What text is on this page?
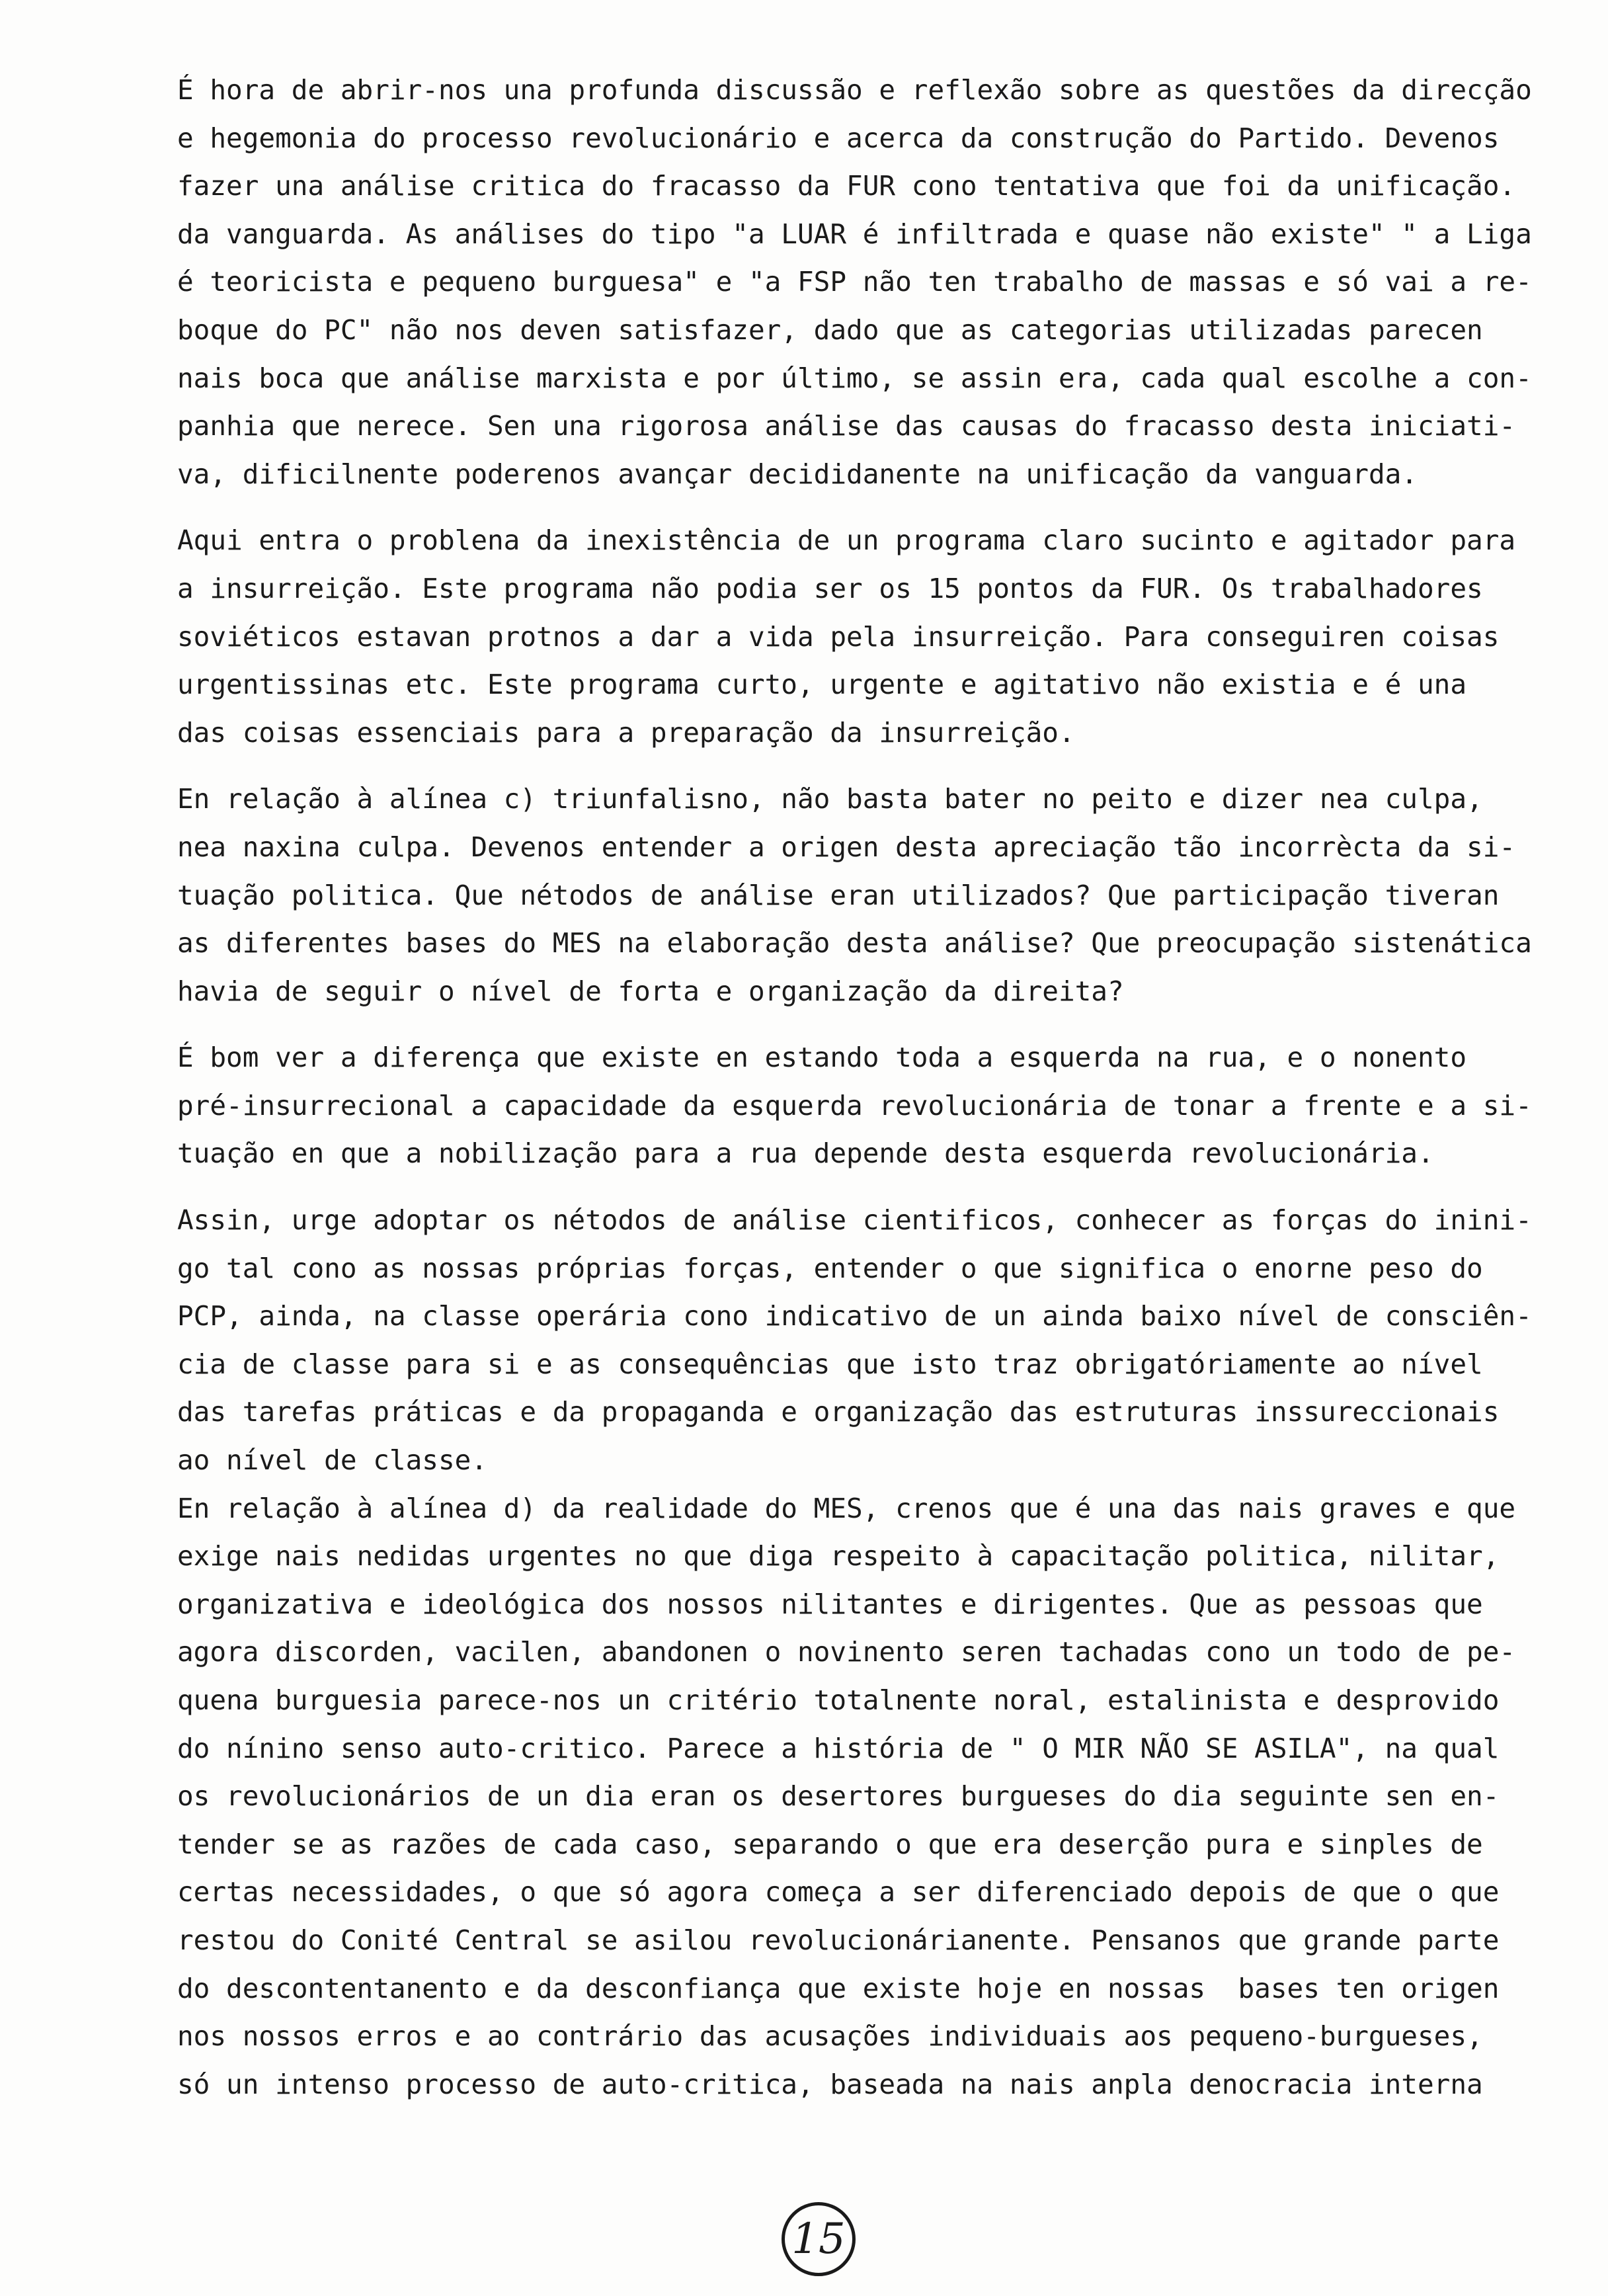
É hora de abrir-nos una profunda discussão e reflexão sobre as questões da direcção
e hegemonia do processo revolucionário e acerca da construção do Partido. Devenos
fazer una análise critica do fracasso da FUR cono tentativa que foi da unificação.
da vanguarda. As análises do tipo "a LUAR é infiltrada e quase não existe" " a Liga
é teoricista e pequeno burguesa" e "a FSP não ten trabalho de massas e só vai a re-
boque do PC" não nos deven satisfazer, dado que as categorias utilizadas parecen
nais boca que análise marxista e por último, se assin era, cada qual escolhe a con-
panhia que nerece. Sen una rigorosa análise das causas do fracasso desta iniciati-
va, dificilnente poderenos avançar decididanente na unificação da vanguarda.
Aqui entra o problena da inexistência de un programa claro sucinto e agitador para
a insurreição. Este programa não podia ser os 15 pontos da FUR. Os trabalhadores
soviéticos estavan protnos a dar a vida pela insurreição. Para conseguiren coisas
urgentissinas etc. Este programa curto, urgente e agitativo não existia e é una
das coisas essenciais para a preparação da insurreição.
En relação à alínea c) triunfalisno, não basta bater no peito e dizer nea culpa,
nea naxina culpa. Devenos entender a origen desta apreciação tão incorrècta da si-
tuação politica. Que nétodos de análise eran utilizados? Que participação tiveran
as diferentes bases do MES na elaboração desta análise? Que preocupação sistenática
havia de seguir o nível de forta e organização da direita?
É bom ver a diferença que existe en estando toda a esquerda na rua, e o nonento
pré-insurrecional a capacidade da esquerda revolucionária de tonar a frente e a si-
tuação en que a nobilização para a rua depende desta esquerda revolucionária.
Assin, urge adoptar os nétodos de análise cientificos, conhecer as forças do inini-
go tal cono as nossas próprias forças, entender o que significa o enorne peso do
PCP, ainda, na classe operária cono indicativo de un ainda baixo nível de consciên-
cia de classe para si e as consequências que isto traz obrigatóriamente ao nível
das tarefas práticas e da propaganda e organização das estruturas inssureccionais
ao nível de classe.
En relação à alínea d) da realidade do MES, crenos que é una das nais graves e que
exige nais nedidas urgentes no que diga respeito à capacitação politica, nilitar,
organizativa e ideológica dos nossos nilitantes e dirigentes. Que as pessoas que
agora discorden, vacilen, abandonen o novinento seren tachadas cono un todo de pe-
quena burguesia parece-nos un critério totalnente noral, estalinista e desprovido
do nínino senso auto-critico. Parece a história de " O MIR NÃO SE ASILA", na qual
os revolucionários de un dia eran os desertores burgueses do dia seguinte sen en-
tender se as razões de cada caso, separando o que era deserção pura e sinples de
certas necessidades, o que só agora começa a ser diferenciado depois de que o que
restou do Conité Central se asilou revolucionárianente. Pensanos que grande parte
do descontentanento e da desconfiança que existe hoje en nossas  bases ten origen
nos nossos erros e ao contrário das acusações individuais aos pequeno-burgueses,
só un intenso processo de auto-critica, baseada na nais anpla denocracia interna
15
